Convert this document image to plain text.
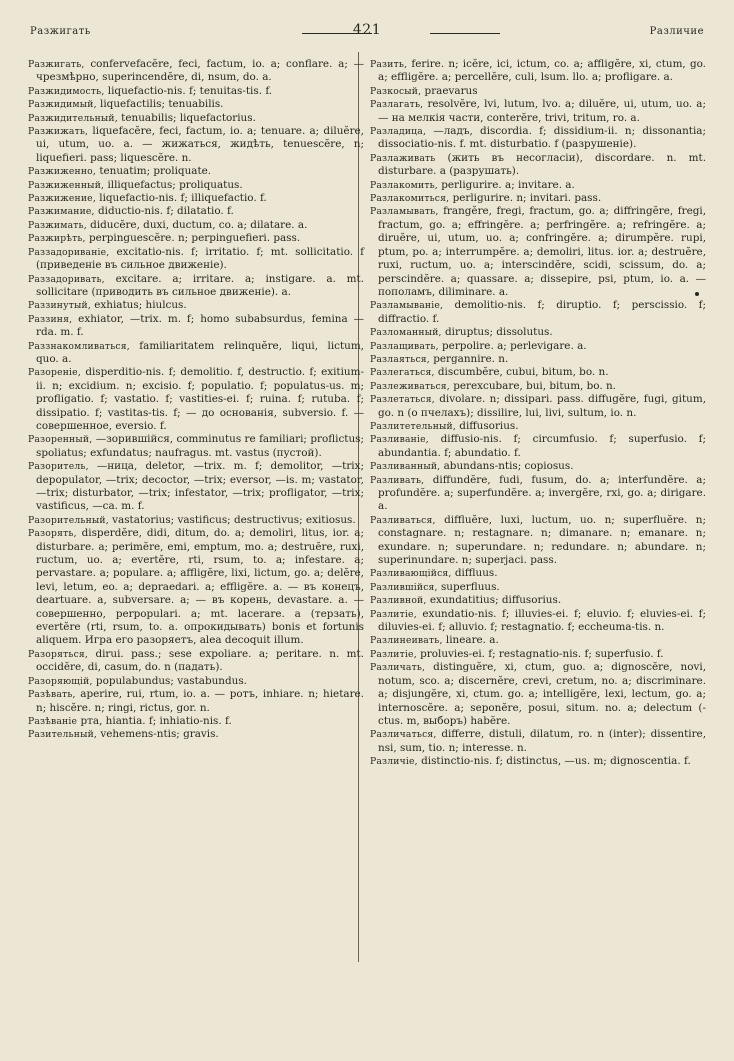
Разжигать	421	Различие

Разжигать, confervefacĕre, feci, factum, io. a; conflare. a; — чрезмѣрно, superincendĕre, di, nsum, do. a.

Разжидимость, liquefactio-nis. f; tenuitas-tis. f.

Разжидимый, liquefactilis; tenuabilis.

Разжидительный, tenuabilis; liquefactorius.

Разжижать, liquefacĕre, feci, factum, io. a; tenuare. a; diluĕre, ui, utum, uo. a. — жижаться, жидѣть, tenuescĕre, n; liquefieri. pass; liquescĕre. n.

Разжиженно, tenuatim; proliquate.

Разжиженный, illiquefactus; proliquatus.

Разжижение, liquefactio-nis. f; illiquefactio. f.

Разжимание, diductio-nis. f; dilatatio. f.

Разжимать, diducĕre, duxi, ductum, co. a; dilatare. a.

Разжирѣть, perpinguescĕre. n; perpinguefieri. pass.

Раззадориванie, excitatio-nis. f; irritatio. f; mt. sollicitatio. f (приведенie въ сильное движенie).

Раззадоривать, excitare. a; irritare. a; instigare. a. mt. sollicitare (приводить въ сильное движенie). a.

Раззинутый, exhiatus; hiulcus.

Раззиня, exhiator, —trix. m. f; homo subabsurdus, femina —rda. m. f.

Раззнакомливаться, familiaritatem relinquĕre, liqui, lictum, quo. a.

Разоренie, disperditio-nis. f; demolitio. f, destructio. f; exitium-ii. n; excidium. n; excisio. f; populatio. f; populatus-us. m; profligatio. f; vastatio. f; vastities-ei. f; ruina. f; rutuba. f; dissipatio. f; vastitas-tis. f; — до основанія, subversio. f. — совершенное, eversio. f.

Разоренный, —зорившійся, comminutus re familiari; proflictus; spoliatus; exfundatus; naufragus. mt. vastus (пустой).

Разоритель, —ница, deletor, —trix. m. f; demolitor, —trix; depopulator, —trix; decoctor, —trix; eversor, —is. m; vastator, —trix; disturbator, —trix; infestator, —trix; profligator, —trix; vastificus, —ca. m. f.

Разорительный, vastatorius; vastificus; destructivus; exitiosus.

Разорять, disperdĕre, didi, ditum, do. a; demoliri, litus, ior. a; disturbare. a; perimĕre, emi, emptum, mo. a; destruĕre, ruxi, ructum, uo. a; evertĕre, rti, rsum, to. a; infestare. a; pervastare. a; populare. a; affligĕre, lixi, lictum, go. a; delĕre, levi, letum, eo. a; depraedari. a; effligĕre. a. — въ конецъ, deartuare. a, subversare. a; — въ корень, devastare. a. — совершенно, perpopulari. a; mt. lacerare. a (терзать), evertĕre (rti, rsum, to. a. опрокидывать) bonis et fortunis aliquem. Игра его разоряетъ, alea decoquit illum.

Разоряться, dirui. pass.; sese expoliare. a; peritare. n. mt. occidĕre, di, casum, do. n (падать).

Разоряющій, populabundus; vastabundus.

Разѣвать, aperire, rui, rtum, io. a. — ротъ, inhiare. n; hietare. n; hiscĕre. n; ringi, rictus, gor. n.

Разѣванie рта, hiantia. f; inhiatio-nis. f.

Разительный, vehemens-ntis; gravis.

Разить, ferire. n; icĕre, ici, ictum, co. a; affligĕre, xi, ctum, go. a; effligĕre. a; percellĕre, culi, lsum. llo. a; profligare. a.

Разкосый, praevarus

Разлагать, resolvĕre, lvi, lutum, lvo. a; diluĕre, ui, utum, uo. a; — на мелкія части, conterĕre, trivi, tritum, ro. a.

Разладица, —ладъ, discordia. f; dissidium-ii. n; dissonantia; dissociatio-nis. f. mt. disturbatio. f (разрушенie).

Разлаживать (жить въ несогласіи), discordare. n. mt. disturbare. a (разрушать).

Разлакомить, perligurire. a; invitare. a.

Разлакомиться, perligurire. n; invitari. pass.

Разламывать, frangĕre, fregi, fractum, go. a; diffringĕre, fregi, fractum, go. a; effringĕre. a; perfringĕre. a; refringĕre. a; diruĕre, ui, utum, uo. a; confringĕre. a; dirumpĕre. rupi, ptum, po. a; interrumpĕre. a; demoliri, litus. ior. a; destruĕre, ruxi, ructum, uo. a; interscindĕre, scidi, scissum, do. a; perscindĕre. a; quassare. a; dissepire, psi, ptum, io. a. — пополамъ, diliminare. a.

Разламыванie, demolitio-nis. f; diruptio. f; perscissio. f; diffractio. f.

Разломанный, diruptus; dissolutus.

Разлащивать, perpolire. a; perlevigare. a.

Разлаяться, pergannire. n.

Разлегаться, discumbĕre, cubui, bitum, bo. n.

Разлеживаться, perexcubare, bui, bitum, bo. n.

Разлетаться, divolare. n; dissipari. pass. diffugĕre, fugi, gitum, go. n (о пчелахъ); dissilire, lui, livi, sultum, io. n.

Разлитетельный, diffusorius.

Разливанie, diffusio-nis. f; circumfusio. f; superfusio. f; abundantia. f; abundatio. f.

Разливанный, abundans-ntis; copiosus.

Разливать, diffundĕre, fudi, fusum, do. a; interfundĕre. a; profundĕre. a; superfundĕre. a; invergĕre, rxi, go. a; dirigare. a.

Разливаться, diffluĕre, luxi, luctum, uo. n; superfluĕre. n; constagnare. n; restagnare. n; dimanare. n; emanare. n; exundare. n; superundare. n; redundare. n; abundare. n; superinundare. n; superjaci. pass.

Разливающійся, diffluus.

Разлившійся, superfluus.

Разливной, exundatitius; diffusorius.

Разлитіе, exundatio-nis. f; illuvies-ei. f; eluvio. f; eluvies-ei. f; diluvies-ei. f; alluvio. f; restagnatio. f; eccheuma-tis. n.

Разлинеивать, lineare. a.

Разлитіе, proluvies-ei. f; restagnatio-nis. f; superfusio. f.

Различать, distinguĕre, xi, ctum, guo. a; dignoscĕre, novi, notum, sco. a; discernĕre, crevi, cretum, no. a; discriminare. a; disjungĕre, xi, ctum. go. a; intelligĕre, lexi, lectum, go. a; internoscĕre. a; seponĕre, posui, situm. no. a; delectum (-ctus. m, выборъ) habĕre.

Различаться, differre, distuli, dilatum, ro. n (inter); dissentire, nsi, sum, tio. n; interesse. n.

Различie, distinctio-nis. f; distinctus, —us. m; dignoscentia. f.
